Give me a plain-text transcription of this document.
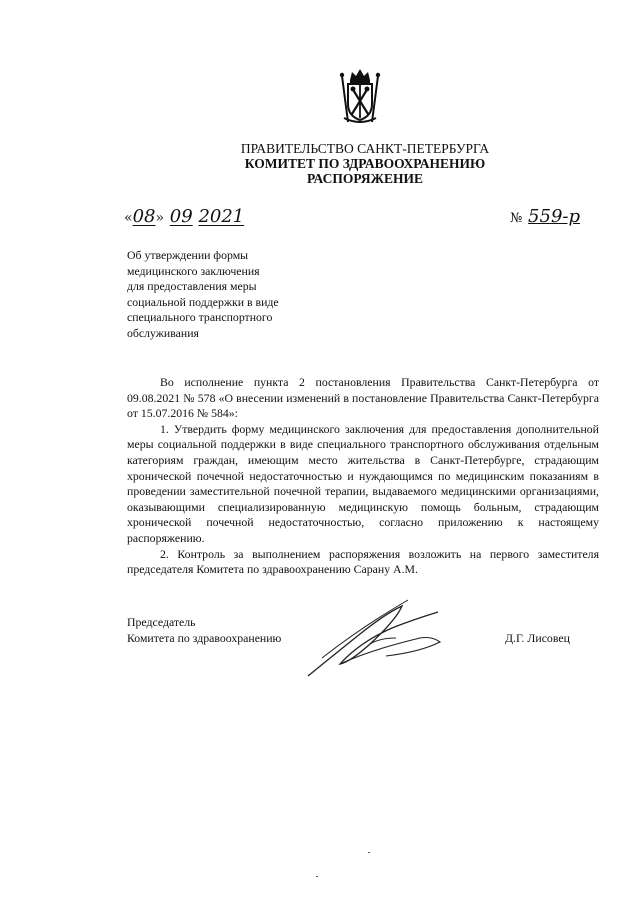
ПРАВИТЕЛЬСТВО САНКТ-ПЕТЕРБУРГА
КОМИТЕТ ПО ЗДРАВООХРАНЕНИЮ
РАСПОРЯЖЕНИЕ
«08» 09 2021	№ 559-р
Об утверждении формы
медицинского заключения
для предоставления меры
социальной поддержки в виде
специального транспортного
обслуживания

Во исполнение пункта 2 постановления Правительства Санкт-Петербурга от 09.08.2021 № 578 «О внесении изменений в постановление Правительства Санкт-Петербурга от 15.07.2016 № 584»:

1. Утвердить форму медицинского заключения для предоставления дополнительной меры социальной поддержки в виде специального транспортного обслуживания отдельным категориям граждан, имеющим место жительства в Санкт-Петербурге, страдающим хронической почечной недостаточностью и нуждающимся по медицинским показаниям в проведении заместительной почечной терапии, выдаваемого медицинскими организациями, оказывающими специализированную медицинскую помощь больным, страдающим хронической почечной недостаточностью, согласно приложению к настоящему распоряжению.

2. Контроль за выполнением распоряжения возложить на первого заместителя председателя Комитета по здравоохранению Сарану А.М.

Председатель
Комитета по здравоохранению	Д.Г. Лисовец
